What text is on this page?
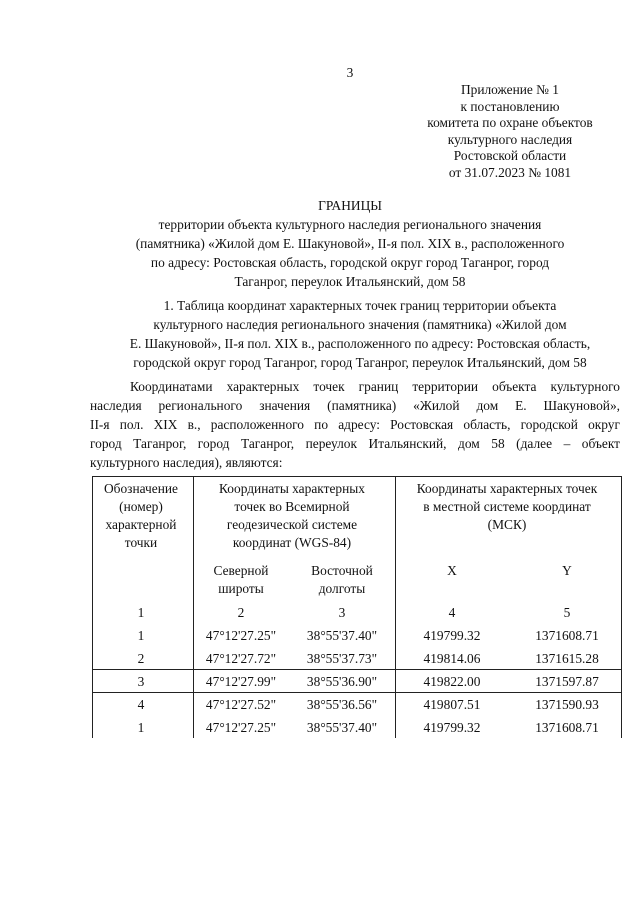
3
Приложение № 1
к постановлению
комитета по охране объектов
культурного наследия
Ростовской области
от 31.07.2023 № 1081
ГРАНИЦЫ
территории объекта культурного наследия регионального значения
(памятника) «Жилой дом Е. Шакуновой», II-я пол. XIX в., расположенного
по адресу: Ростовская область, городской округ город Таганрог, город
Таганрог, переулок Итальянский, дом 58
1. Таблица координат характерных точек границ территории объекта
культурного наследия регионального значения (памятника) «Жилой дом
Е. Шакуновой», II-я пол. XIX в., расположенного по адресу: Ростовская область,
городской округ город Таганрог, город Таганрог, переулок Итальянский, дом 58
Координатами характерных точек границ территории объекта культурного
наследия регионального значения (памятника) «Жилой дом Е. Шакуновой»,
II-я пол. XIX в., расположенного по адресу: Ростовская область, городской округ
город Таганрог, город Таганрог, переулок Итальянский, дом 58 (далее – объект
культурного наследия), являются:
Обозначение
(номер)
характерной
точки
Координаты характерных
точек во Всемирной
геодезической системе
координат (WGS-84)
Координаты характерных точек
в местной системе координат
(МСК)
Северной
широты
Восточной
долготы
X	Y
1	2	3	4	5
1	47°12'27.25"	38°55'37.40"	419799.32	1371608.71
2	47°12'27.72"	38°55'37.73"	419814.06	1371615.28
3	47°12'27.99"	38°55'36.90"	419822.00	1371597.87
4	47°12'27.52"	38°55'36.56"	419807.51	1371590.93
1	47°12'27.25"	38°55'37.40"	419799.32	1371608.71
